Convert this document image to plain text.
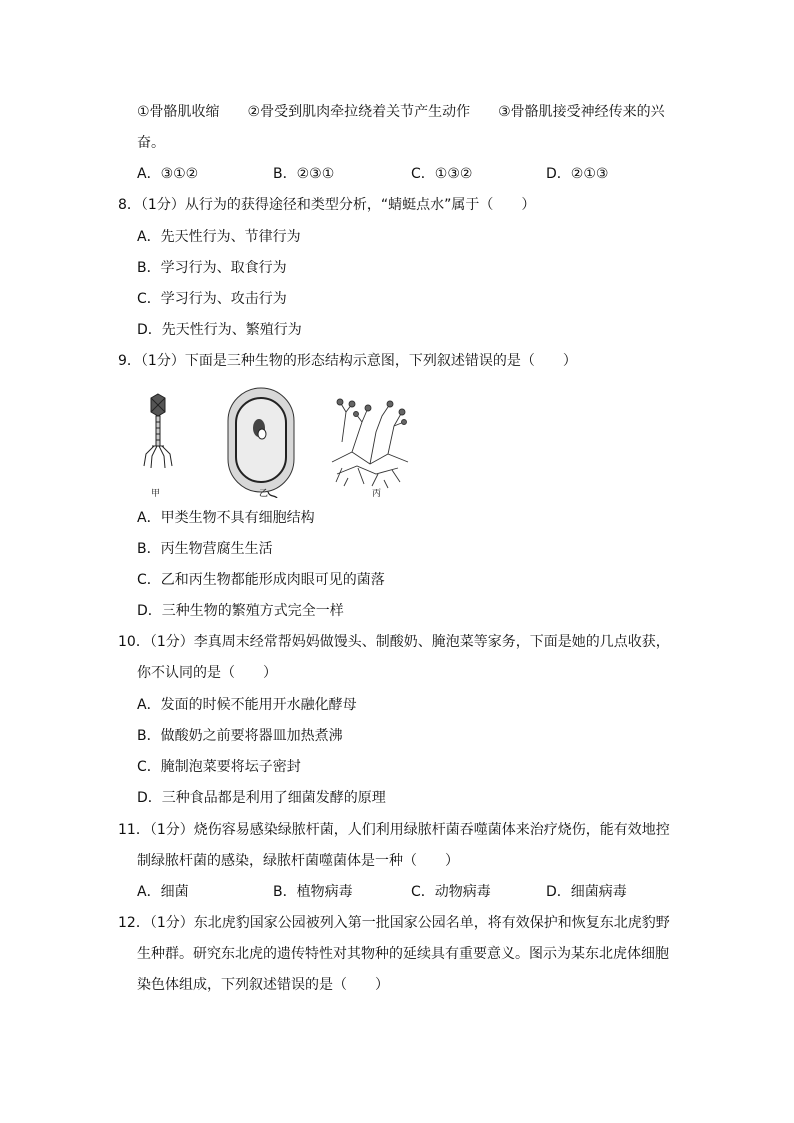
①骨骼肌收缩　　②骨受到肌肉牵拉绕着关节产生动作　　③骨骼肌接受神经传来的兴
奋。
A．③①②	B．②③①	C．①③②	D．②①③
8．（1分）从行为的获得途径和类型分析，“蜻蜓点水”属于（　　）
A．先天性行为、节律行为
B．学习行为、取食行为
C．学习行为、攻击行为
D．先天性行为、繁殖行为
9．（1分）下面是三种生物的形态结构示意图，下列叙述错误的是（　　）
甲	乙	丙
A．甲类生物不具有细胞结构
B．丙生物营腐生生活
C．乙和丙生物都能形成肉眼可见的菌落
D．三种生物的繁殖方式完全一样
10．（1分）李真周末经常帮妈妈做馒头、制酸奶、腌泡菜等家务，下面是她的几点收获，
你不认同的是（　　）
A．发面的时候不能用开水融化酵母
B．做酸奶之前要将器皿加热煮沸
C．腌制泡菜要将坛子密封
D．三种食品都是利用了细菌发酵的原理
11．（1分）烧伤容易感染绿脓杆菌，人们利用绿脓杆菌吞噬菌体来治疗烧伤，能有效地控
制绿脓杆菌的感染，绿脓杆菌噬菌体是一种（　　）
A．细菌	B．植物病毒	C．动物病毒	D．细菌病毒
12．（1分）东北虎豹国家公园被列入第一批国家公园名单，将有效保护和恢复东北虎豹野
生种群。研究东北虎的遗传特性对其物种的延续具有重要意义。图示为某东北虎体细胞
染色体组成，下列叙述错误的是（　　）
